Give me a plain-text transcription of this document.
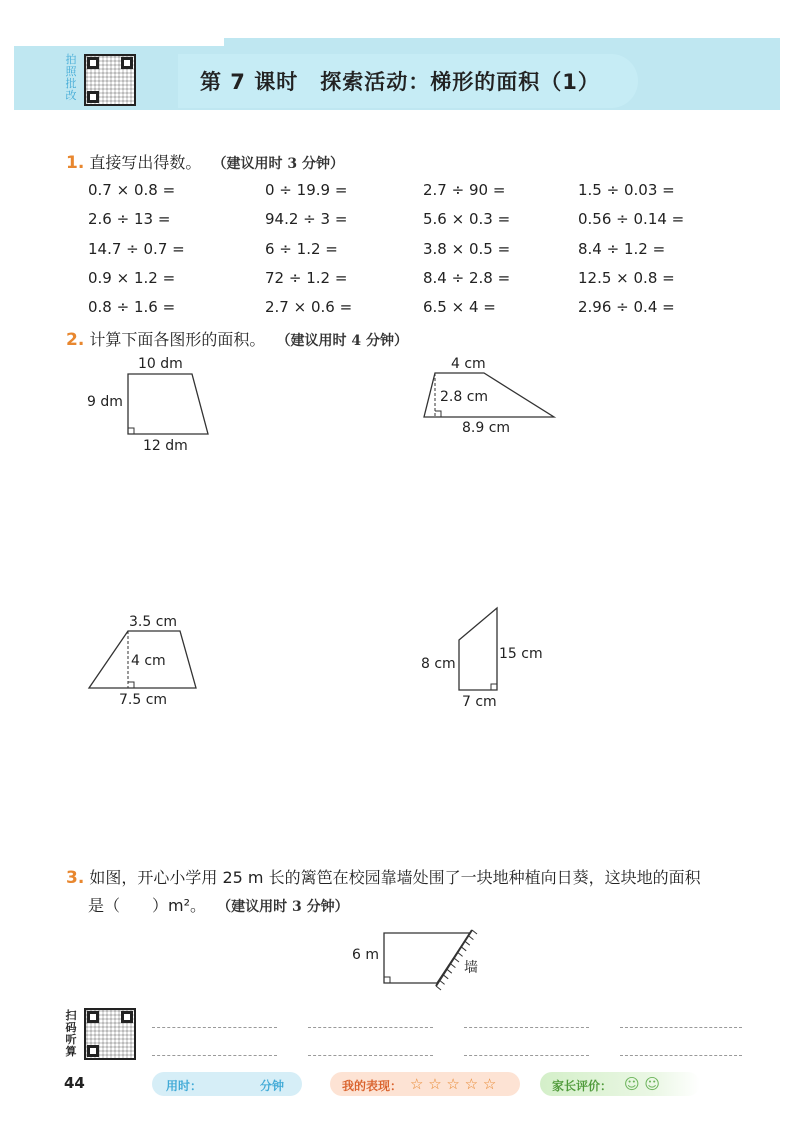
拍照批改
第 7 课时　探索活动：梯形的面积（1）
1. 直接写出得数。 （建议用时 3 分钟）
0.7 × 0.8 =	0 ÷ 19.9 =	2.7 ÷ 90 =	1.5 ÷ 0.03 =
2.6 ÷ 13 =	94.2 ÷ 3 =	5.6 × 0.3 =	0.56 ÷ 0.14 =
14.7 ÷ 0.7 =	6 ÷ 1.2 =	3.8 × 0.5 =	8.4 ÷ 1.2 =
0.9 × 1.2 =	72 ÷ 1.2 =	8.4 ÷ 2.8 =	12.5 × 0.8 =
0.8 ÷ 1.6 =	2.7 × 0.6 =	6.5 × 4 =	2.96 ÷ 0.4 =
2. 计算下面各图形的面积。 （建议用时 4 分钟）
10 dm
9 dm
12 dm
4 cm
2.8 cm
8.9 cm
3.5 cm
4 cm
7.5 cm
8 cm
15 cm
7 cm
3. 如图，开心小学用 25 m 长的篱笆在校园靠墙处围了一块地种植向日葵，这块地的面积
是（　　）m²。 （建议用时 3 分钟）
6 m
墙
扫码听算
44	用时：	分钟	我的表现： ☆ ☆ ☆ ☆ ☆	家长评价： ☺ ☺
